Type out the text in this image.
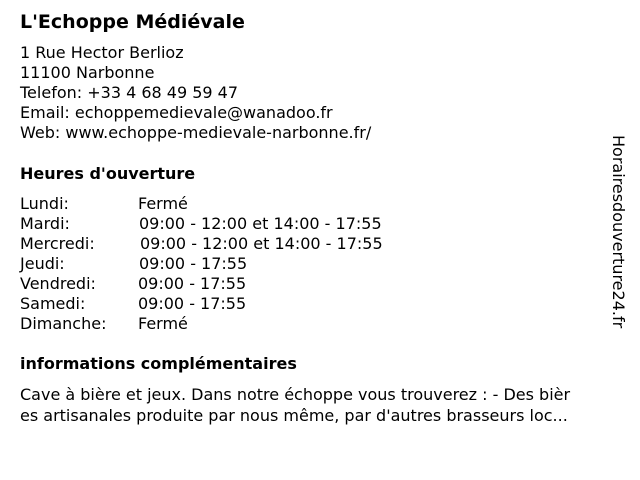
L'Echoppe Médiévale
1 Rue Hector Berlioz
11100 Narbonne
Telefon: +33 4 68 49 59 47
Email: echoppemedievale@wanadoo.fr
Web: www.echoppe-medievale-narbonne.fr/
Heures d'ouverture
Lundi:	Fermé
Mardi:	09:00 - 12:00 et 14:00 - 17:55
Mercredi:	09:00 - 12:00 et 14:00 - 17:55
Jeudi:	09:00 - 17:55
Vendredi:	09:00 - 17:55
Samedi:	09:00 - 17:55
Dimanche: Fermé
informations complémentaires
Cave à bière et jeux. Dans notre échoppe vous trouverez : - Des bièr
es artisanales produite par nous même, par d'autres brasseurs loc...
Horairesdouverture24.fr
